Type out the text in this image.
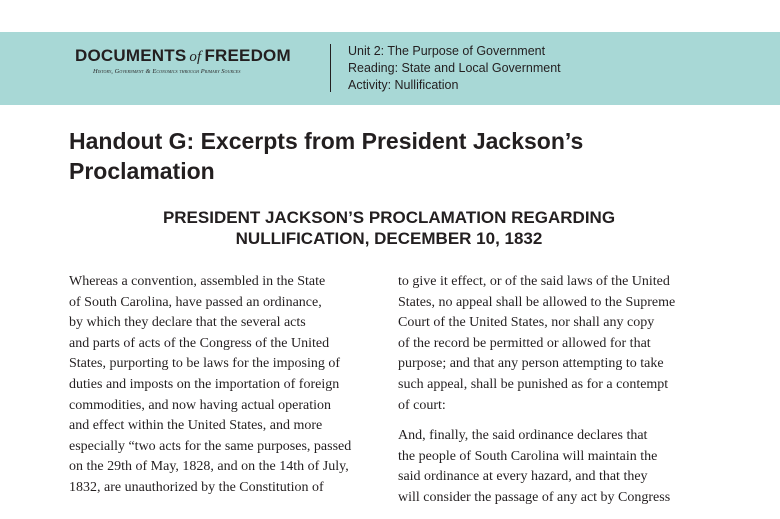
DOCUMENTS of FREEDOM
History, Government & Economics through Primary Sources
Unit 2: The Purpose of Government
Reading: State and Local Government
Activity: Nullification
Handout G: Excerpts from President Jackson’s
Proclamation
PRESIDENT JACKSON’S PROCLAMATION REGARDING
NULLIFICATION, DECEMBER 10, 1832
Whereas a convention, assembled in the State
of South Carolina, have passed an ordinance,
by which they declare that the several acts
and parts of acts of the Congress of the United
States, purporting to be laws for the imposing of
duties and imposts on the importation of foreign
commodities, and now having actual operation
and effect within the United States, and more
especially “two acts for the same purposes, passed
on the 29th of May, 1828, and on the 14th of July,
1832, are unauthorized by the Constitution of
to give it effect, or of the said laws of the United
States, no appeal shall be allowed to the Supreme
Court of the United States, nor shall any copy
of the record be permitted or allowed for that
purpose; and that any person attempting to take
such appeal, shall be punished as for a contempt
of court:
And, finally, the said ordinance declares that
the people of South Carolina will maintain the
said ordinance at every hazard, and that they
will consider the passage of any act by Congress
